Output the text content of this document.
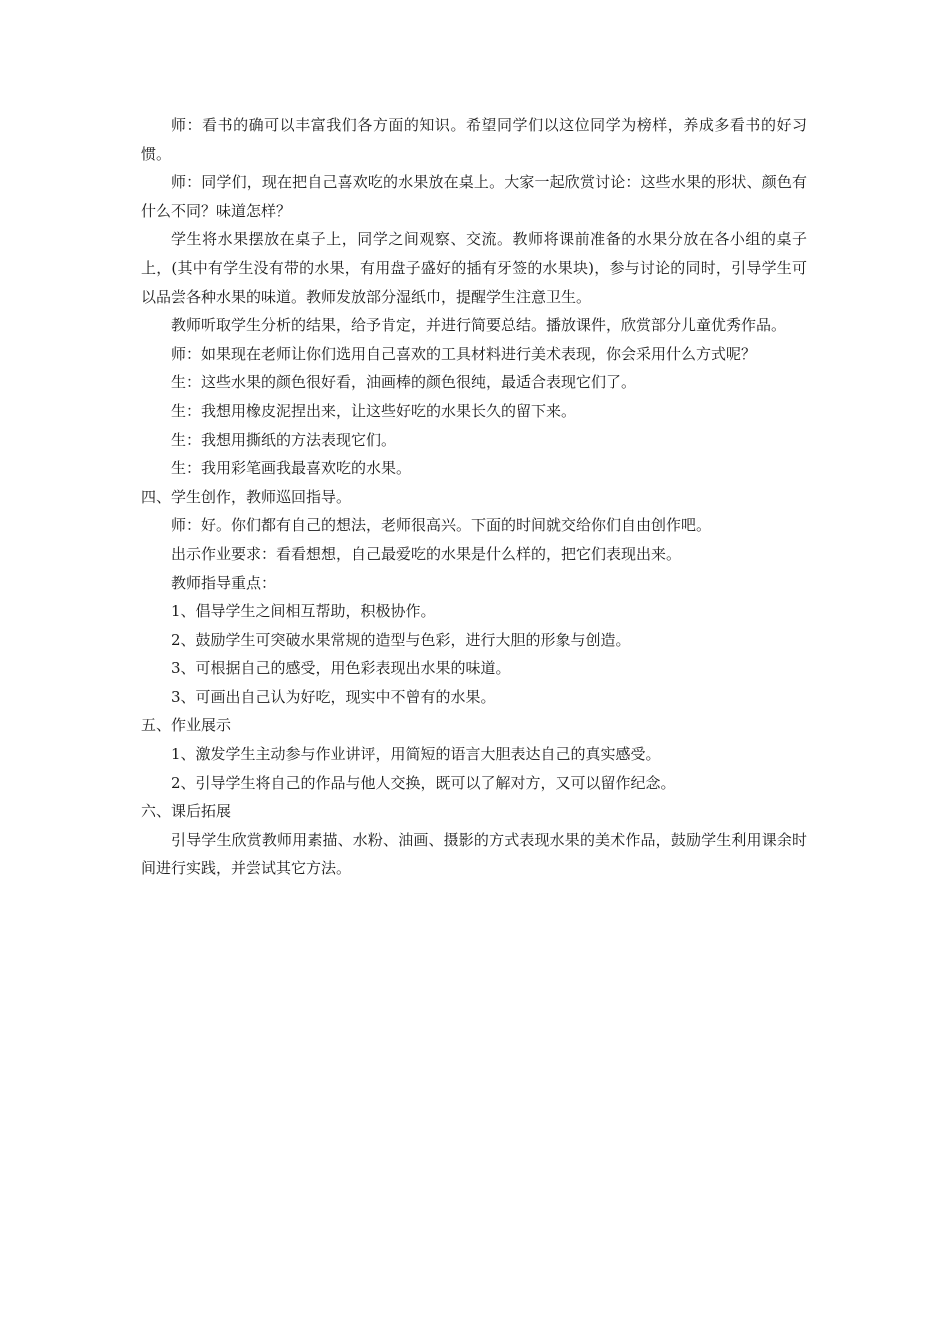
师：看书的确可以丰富我们各方面的知识。希望同学们以这位同学为榜样，养成多看书的好习惯。

师：同学们，现在把自己喜欢吃的水果放在桌上。大家一起欣赏讨论：这些水果的形状、颜色有什么不同？味道怎样？

学生将水果摆放在桌子上，同学之间观察、交流。教师将课前准备的水果分放在各小组的桌子上，(其中有学生没有带的水果，有用盘子盛好的插有牙签的水果块)，参与讨论的同时，引导学生可以品尝各种水果的味道。教师发放部分湿纸巾，提醒学生注意卫生。

教师听取学生分析的结果，给予肯定，并进行简要总结。播放课件，欣赏部分儿童优秀作品。

师：如果现在老师让你们选用自己喜欢的工具材料进行美术表现，你会采用什么方式呢？

生：这些水果的颜色很好看，油画棒的颜色很纯，最适合表现它们了。

生：我想用橡皮泥捏出来，让这些好吃的水果长久的留下来。

生：我想用撕纸的方法表现它们。

生：我用彩笔画我最喜欢吃的水果。

四、学生创作，教师巡回指导。

师：好。你们都有自己的想法，老师很高兴。下面的时间就交给你们自由创作吧。

出示作业要求：看看想想，自己最爱吃的水果是什么样的，把它们表现出来。

教师指导重点：

1、倡导学生之间相互帮助，积极协作。

2、鼓励学生可突破水果常规的造型与色彩，进行大胆的形象与创造。

3、可根据自己的感受，用色彩表现出水果的味道。

3、可画出自己认为好吃，现实中不曾有的水果。

五、作业展示

1、激发学生主动参与作业讲评，用简短的语言大胆表达自己的真实感受。

2、引导学生将自己的作品与他人交换，既可以了解对方，又可以留作纪念。

六、课后拓展

引导学生欣赏教师用素描、水粉、油画、摄影的方式表现水果的美术作品，鼓励学生利用课余时间进行实践，并尝试其它方法。
